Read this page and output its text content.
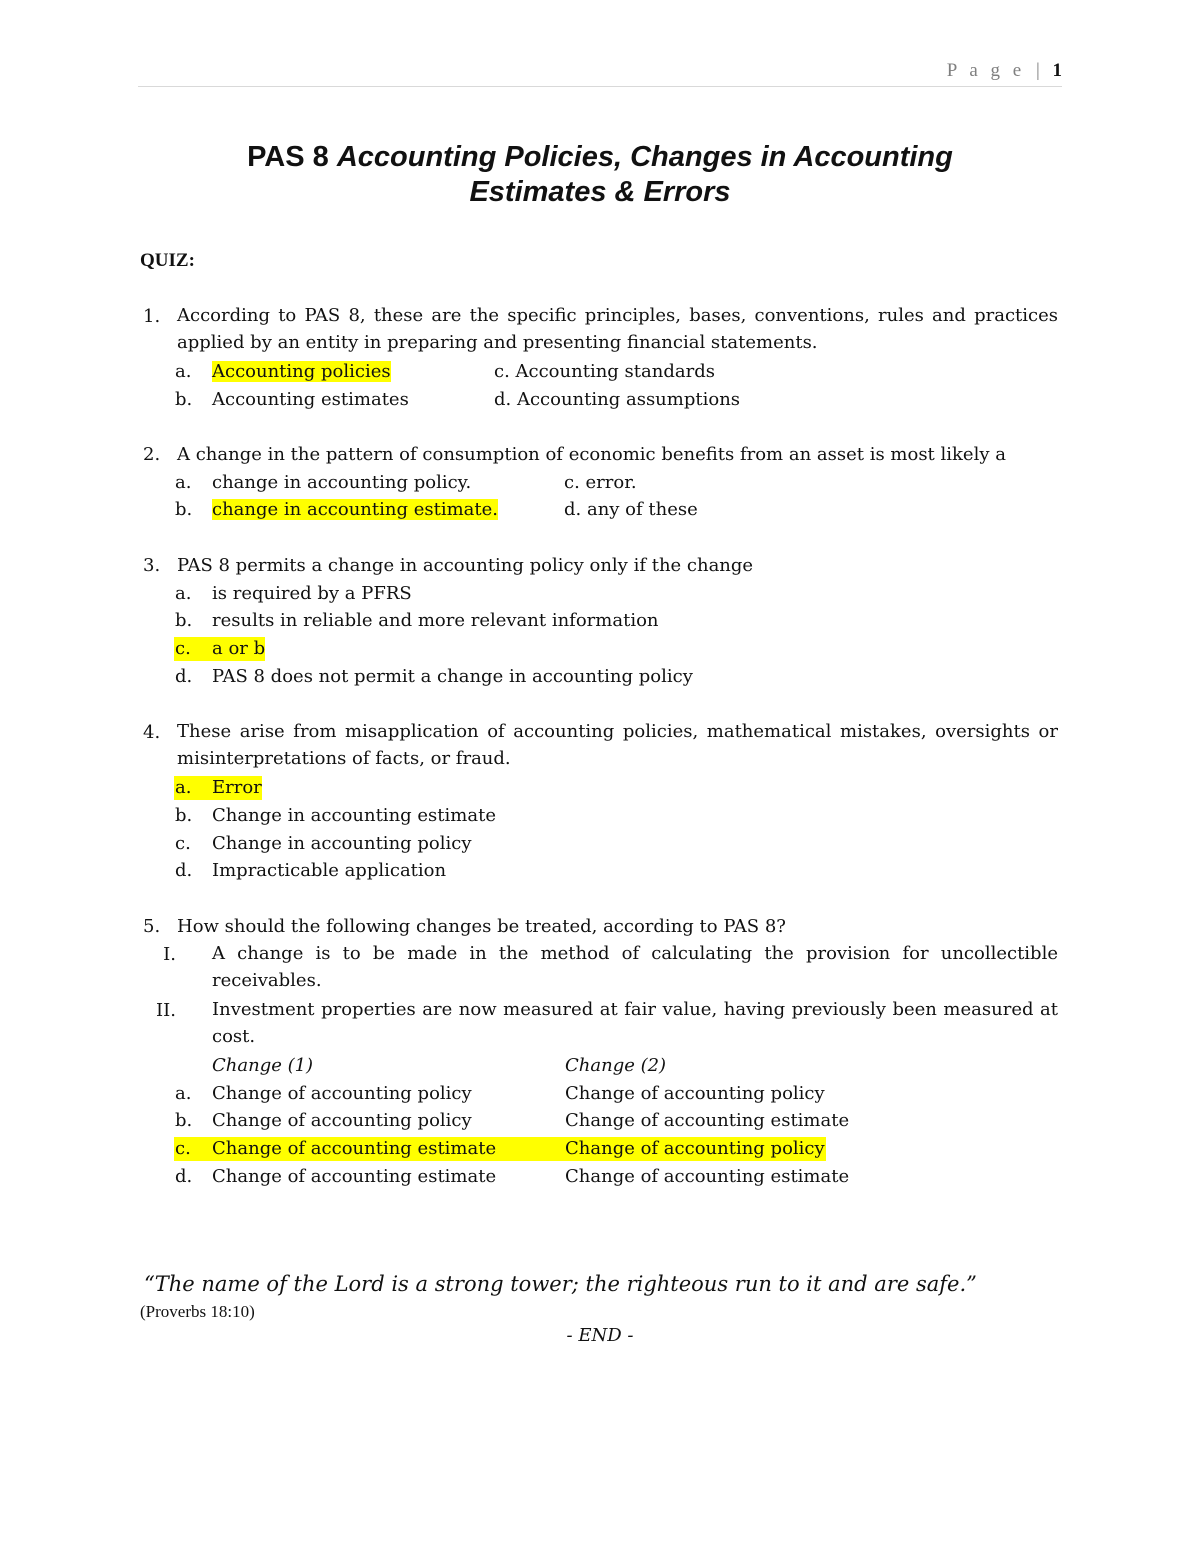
P a g e | 1
PAS 8 Accounting Policies, Changes in Accounting
Estimates & Errors
QUIZ:
1. According to PAS 8, these are the specific principles, bases, conventions, rules and practices applied by an entity in preparing and presenting financial statements.
a. Accounting policies	c. Accounting standards
b. Accounting estimates	d. Accounting assumptions
2. A change in the pattern of consumption of economic benefits from an asset is most likely a
a. change in accounting policy.	c. error.
b. change in accounting estimate.	d. any of these
3. PAS 8 permits a change in accounting policy only if the change
a. is required by a PFRS
b. results in reliable and more relevant information
c. a or b
d. PAS 8 does not permit a change in accounting policy
4. These arise from misapplication of accounting policies, mathematical mistakes, oversights or misinterpretations of facts, or fraud.
a. Error
b. Change in accounting estimate
c. Change in accounting policy
d. Impracticable application
5. How should the following changes be treated, according to PAS 8?
I. A change is to be made in the method of calculating the provision for uncollectible receivables.
II. Investment properties are now measured at fair value, having previously been measured at cost.
Change (1)	Change (2)
a. Change of accounting policy	Change of accounting policy
b. Change of accounting policy	Change of accounting estimate
c. Change of accounting estimate	Change of accounting policy
d. Change of accounting estimate	Change of accounting estimate
“The name of the Lord is a strong tower; the righteous run to it and are safe.”
(Proverbs 18:10)
- END -
